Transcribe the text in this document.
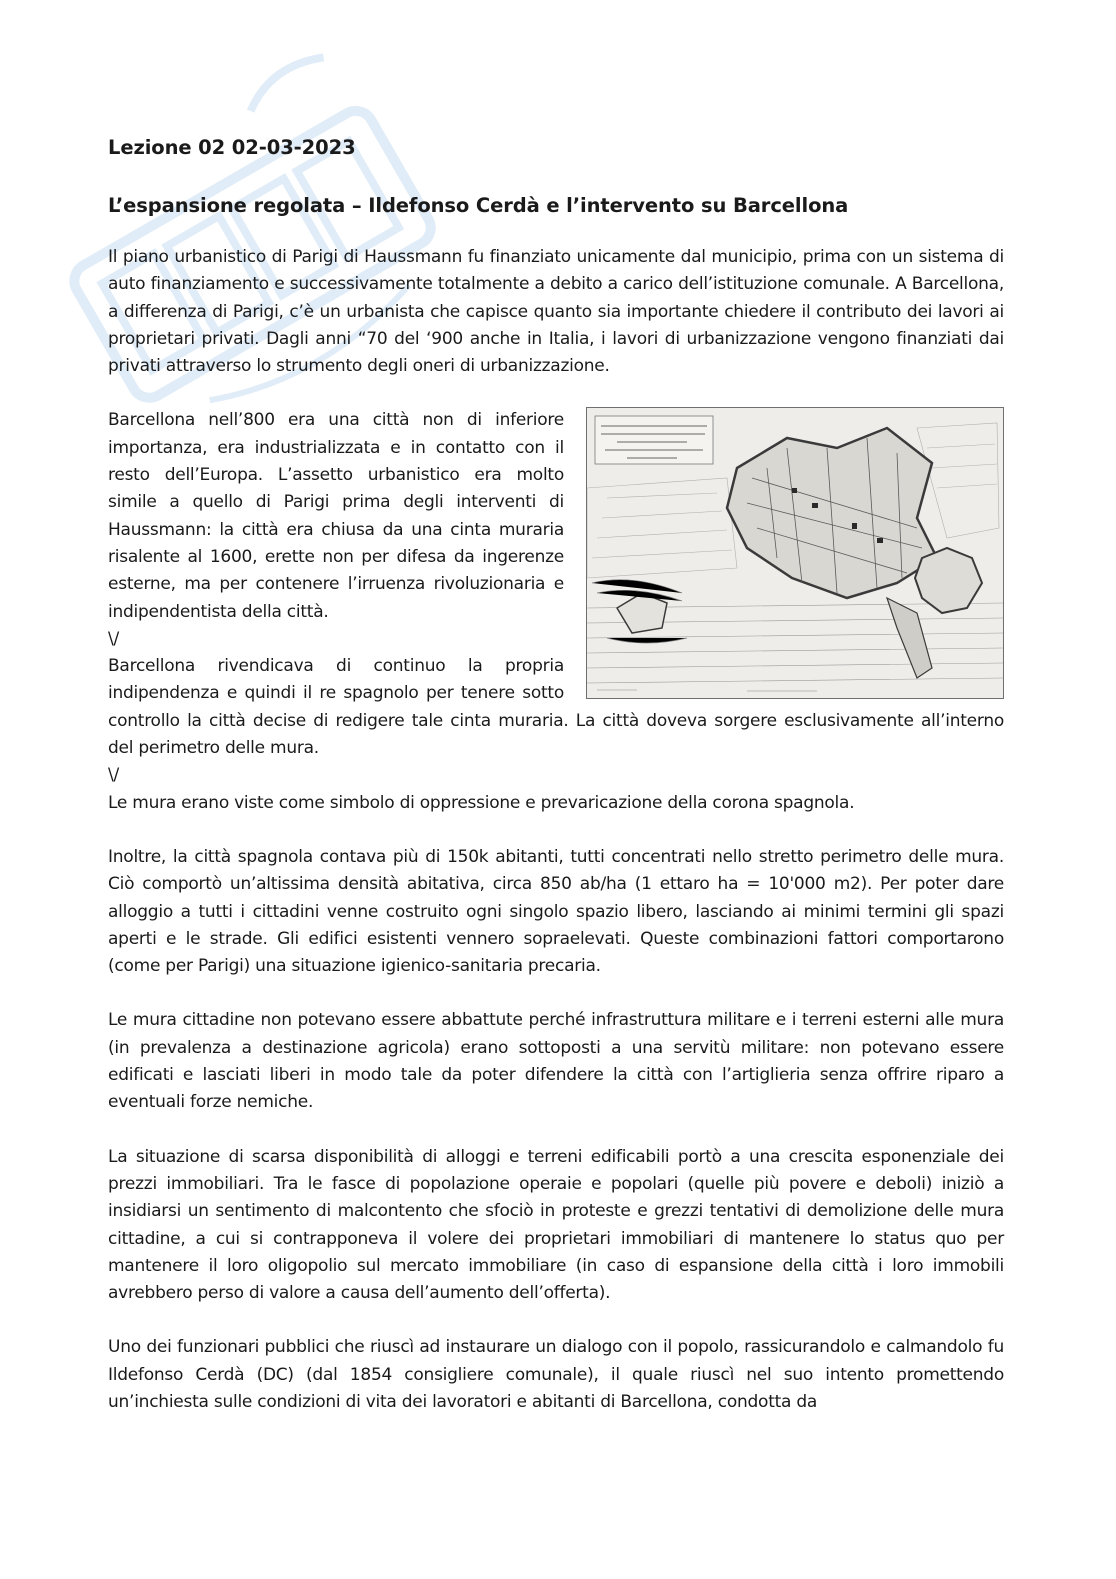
Lezione 02 02-03-2023
L’espansione regolata – Ildefonso Cerdà e l’intervento su Barcellona

Il piano urbanistico di Parigi di Haussmann fu finanziato unicamente dal municipio, prima con un sistema di auto finanziamento e successivamente totalmente a debito a carico dell’istituzione comunale. A Barcellona, a differenza di Parigi, c’è un urbanista che capisce quanto sia importante chiedere il contributo dei lavori ai proprietari privati. Dagli anni “70 del ‘900 anche in Italia, i lavori di urbanizzazione vengono finanziati dai privati attraverso lo strumento degli oneri di urbanizzazione.

Barcellona nell’800 era una città non di inferiore importanza, era industrializzata e in contatto con il resto dell’Europa. L’assetto urbanistico era molto simile a quello di Parigi prima degli interventi di Haussmann: la città era chiusa da una cinta muraria risalente al 1600, erette non per difesa da ingerenze esterne, ma per contenere l’irruenza rivoluzionaria e indipendentista della città.

\/

Barcellona rivendicava di continuo la propria indipendenza e quindi il re spagnolo per tenere sotto controllo la città decise di redigere tale cinta muraria. La città doveva sorgere esclusivamente all’interno del perimetro delle mura.

\/

Le mura erano viste come simbolo di oppressione e prevaricazione della corona spagnola.

Inoltre, la città spagnola contava più di 150k abitanti, tutti concentrati nello stretto perimetro delle mura. Ciò comportò un’altissima densità abitativa, circa 850 ab/ha (1 ettaro ha = 10'000 m2). Per poter dare alloggio a tutti i cittadini venne costruito ogni singolo spazio libero, lasciando ai minimi termini gli spazi aperti e le strade. Gli edifici esistenti vennero sopraelevati. Queste combinazioni fattori comportarono (come per Parigi) una situazione igienico-sanitaria precaria.

Le mura cittadine non potevano essere abbattute perché infrastruttura militare e i terreni esterni alle mura (in prevalenza a destinazione agricola) erano sottoposti a una servitù militare: non potevano essere edificati e lasciati liberi in modo tale da poter difendere la città con l’artiglieria senza offrire riparo a eventuali forze nemiche.

La situazione di scarsa disponibilità di alloggi e terreni edificabili portò a una crescita esponenziale dei prezzi immobiliari. Tra le fasce di popolazione operaie e popolari (quelle più povere e deboli) iniziò a insidiarsi un sentimento di malcontento che sfociò in proteste e grezzi tentativi di demolizione delle mura cittadine, a cui si contrapponeva il volere dei proprietari immobiliari di mantenere lo status quo per mantenere il loro oligopolio sul mercato immobiliare (in caso di espansione della città i loro immobili avrebbero perso di valore a causa dell’aumento dell’offerta).

Uno dei funzionari pubblici che riuscì ad instaurare un dialogo con il popolo, rassicurandolo e calmandolo fu Ildefonso Cerdà (DC) (dal 1854 consigliere comunale), il quale riuscì nel suo intento promettendo un’inchiesta sulle condizioni di vita dei lavoratori e abitanti di Barcellona, condotta da
